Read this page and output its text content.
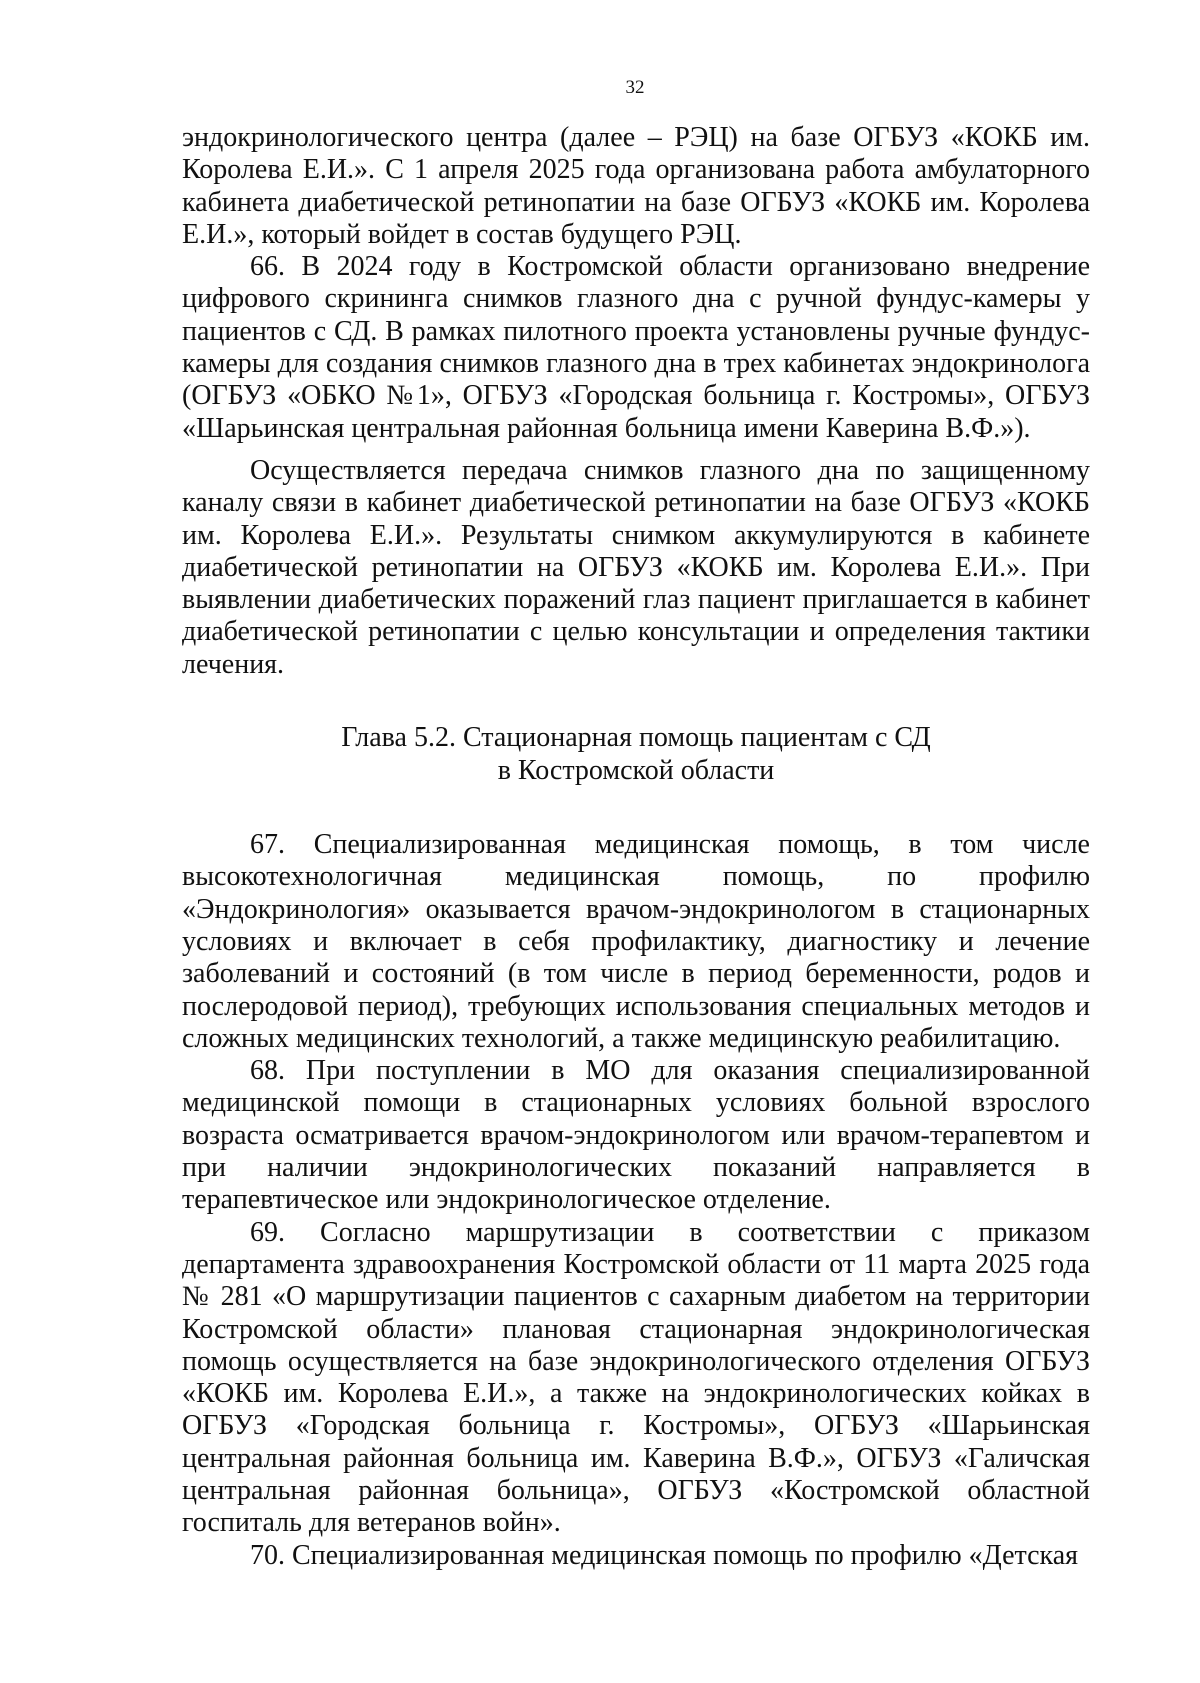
32

эндокринологического центра (далее – РЭЦ) на базе ОГБУЗ «КОКБ им. Королева Е.И.». С 1 апреля 2025 года организована работа амбулаторного кабинета диабетической ретинопатии на базе ОГБУЗ «КОКБ им. Королева Е.И.», который войдет в состав будущего РЭЦ.

66. В 2024 году в Костромской области организовано внедрение цифрового скрининга снимков глазного дна с ручной фундус-камеры у пациентов с СД. В рамках пилотного проекта установлены ручные фундус-камеры для создания снимков глазного дна в трех кабинетах эндокринолога (ОГБУЗ «ОБКО №1», ОГБУЗ «Городская больница г. Костромы», ОГБУЗ «Шарьинская центральная районная больница имени Каверина В.Ф.»).

Осуществляется передача снимков глазного дна по защищенному каналу связи в кабинет диабетической ретинопатии на базе ОГБУЗ «КОКБ им. Королева Е.И.». Результаты снимком аккумулируются в кабинете диабетической ретинопатии на ОГБУЗ «КОКБ им. Королева Е.И.». При выявлении диабетических поражений глаз пациент приглашается в кабинет диабетической ретинопатии с целью консультации и определения тактики лечения.

Глава 5.2. Стационарная помощь пациентам с СД
в Костромской области

67. Специализированная медицинская помощь, в том числе высокотехнологичная медицинская помощь, по профилю «Эндокринология» оказывается врачом-эндокринологом в стационарных условиях и включает в себя профилактику, диагностику и лечение заболеваний и состояний (в том числе в период беременности, родов и послеродовой период), требующих использования специальных методов и сложных медицинских технологий, а также медицинскую реабилитацию.

68. При поступлении в МО для оказания специализированной медицинской помощи в стационарных условиях больной взрослого возраста осматривается врачом-эндокринологом или врачом-терапевтом и при наличии эндокринологических показаний направляется в терапевтическое или эндокринологическое отделение.

69. Согласно маршрутизации в соответствии с приказом департамента здравоохранения Костромской области от 11 марта 2025 года № 281 «О маршрутизации пациентов с сахарным диабетом на территории Костромской области» плановая стационарная эндокринологическая помощь осуществляется на базе эндокринологического отделения ОГБУЗ «КОКБ им. Королева Е.И.», а также на эндокринологических койках в ОГБУЗ «Городская больница г. Костромы», ОГБУЗ «Шарьинская центральная районная больница им. Каверина В.Ф.», ОГБУЗ «Галичская центральная районная больница», ОГБУЗ «Костромской областной госпиталь для ветеранов войн».

70. Специализированная медицинская помощь по профилю «Детская
